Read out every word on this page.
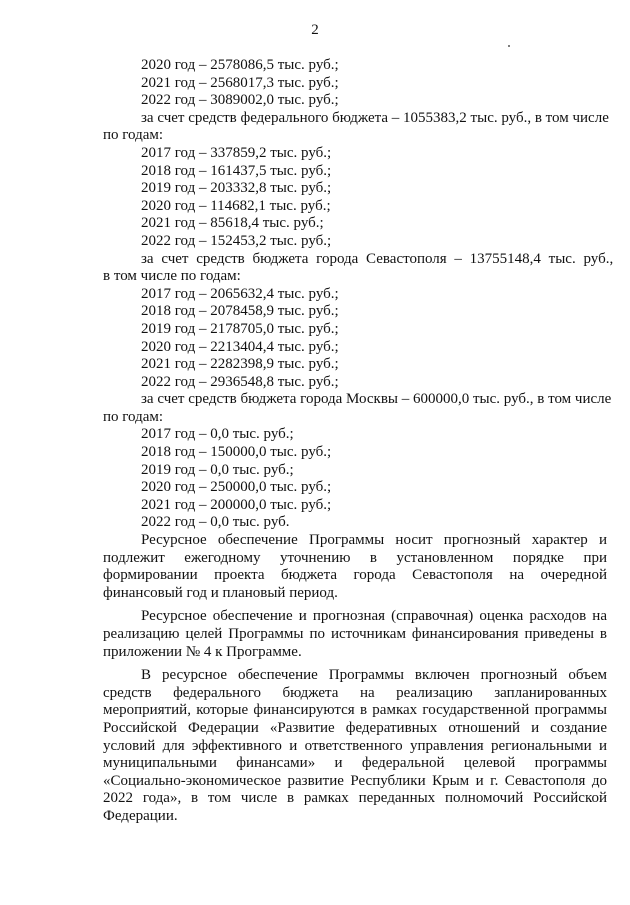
2

2020 год – 2578086,5 тыс. руб.;

2021 год – 2568017,3 тыс. руб.;

2022 год – 3089002,0 тыс. руб.;

за счет средств федерального бюджета – 1055383,2 тыс. руб., в том числе

по годам:

2017 год – 337859,2 тыс. руб.;

2018 год – 161437,5 тыс. руб.;

2019 год – 203332,8 тыс. руб.;

2020 год – 114682,1 тыс. руб.;

2021 год – 85618,4 тыс. руб.;

2022 год – 152453,2 тыс. руб.;

за счет средств бюджета города Севастополя – 13755148,4 тыс. руб.,

в том числе по годам:

2017 год – 2065632,4 тыс. руб.;

2018 год – 2078458,9 тыс. руб.;

2019 год – 2178705,0 тыс. руб.;

2020 год – 2213404,4 тыс. руб.;

2021 год – 2282398,9 тыс. руб.;

2022 год – 2936548,8 тыс. руб.;

за счет средств бюджета города Москвы – 600000,0 тыс. руб., в том числе

по годам:

2017 год – 0,0 тыс. руб.;

2018 год – 150000,0 тыс. руб.;

2019 год – 0,0 тыс. руб.;

2020 год – 250000,0 тыс. руб.;

2021 год – 200000,0 тыс. руб.;

2022 год – 0,0 тыс. руб.

Ресурсное обеспечение Программы носит прогнозный характер и подлежит ежегодному уточнению в установленном порядке при формировании проекта бюджета города Севастополя на очередной финансовый год и плановый период.

Ресурсное обеспечение и прогнозная (справочная) оценка расходов на реализацию целей Программы по источникам финансирования приведены в приложении № 4 к Программе.

В ресурсное обеспечение Программы включен прогнозный объем средств федерального бюджета на реализацию запланированных мероприятий, которые финансируются в рамках государственной программы Российской Федерации «Развитие федеративных отношений и создание условий для эффективного и ответственного управления региональными и муниципальными финансами» и федеральной целевой программы «Социально-экономическое развитие Республики Крым и г. Севастополя до 2022 года», в том числе в рамках переданных полномочий Российской Федерации.
